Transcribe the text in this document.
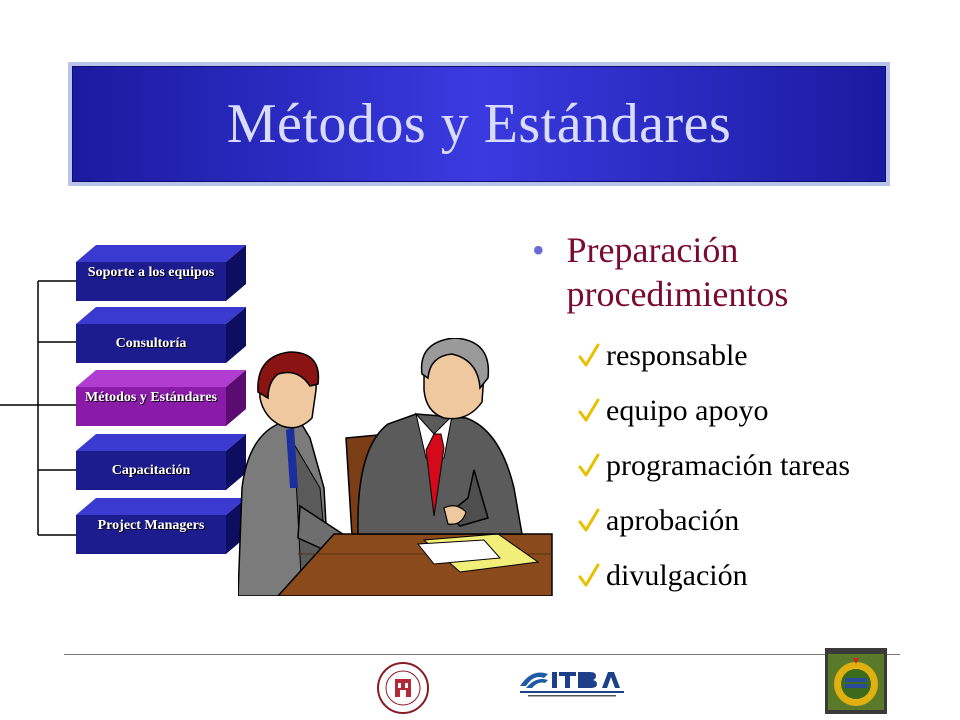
Métodos y Estándares
Soporte a los equipos
Consultoría
Métodos y Estándares
Capacitación
Project Managers
• Preparación procedimientos
responsable
equipo apoyo
programación tareas
aprobación
divulgación
